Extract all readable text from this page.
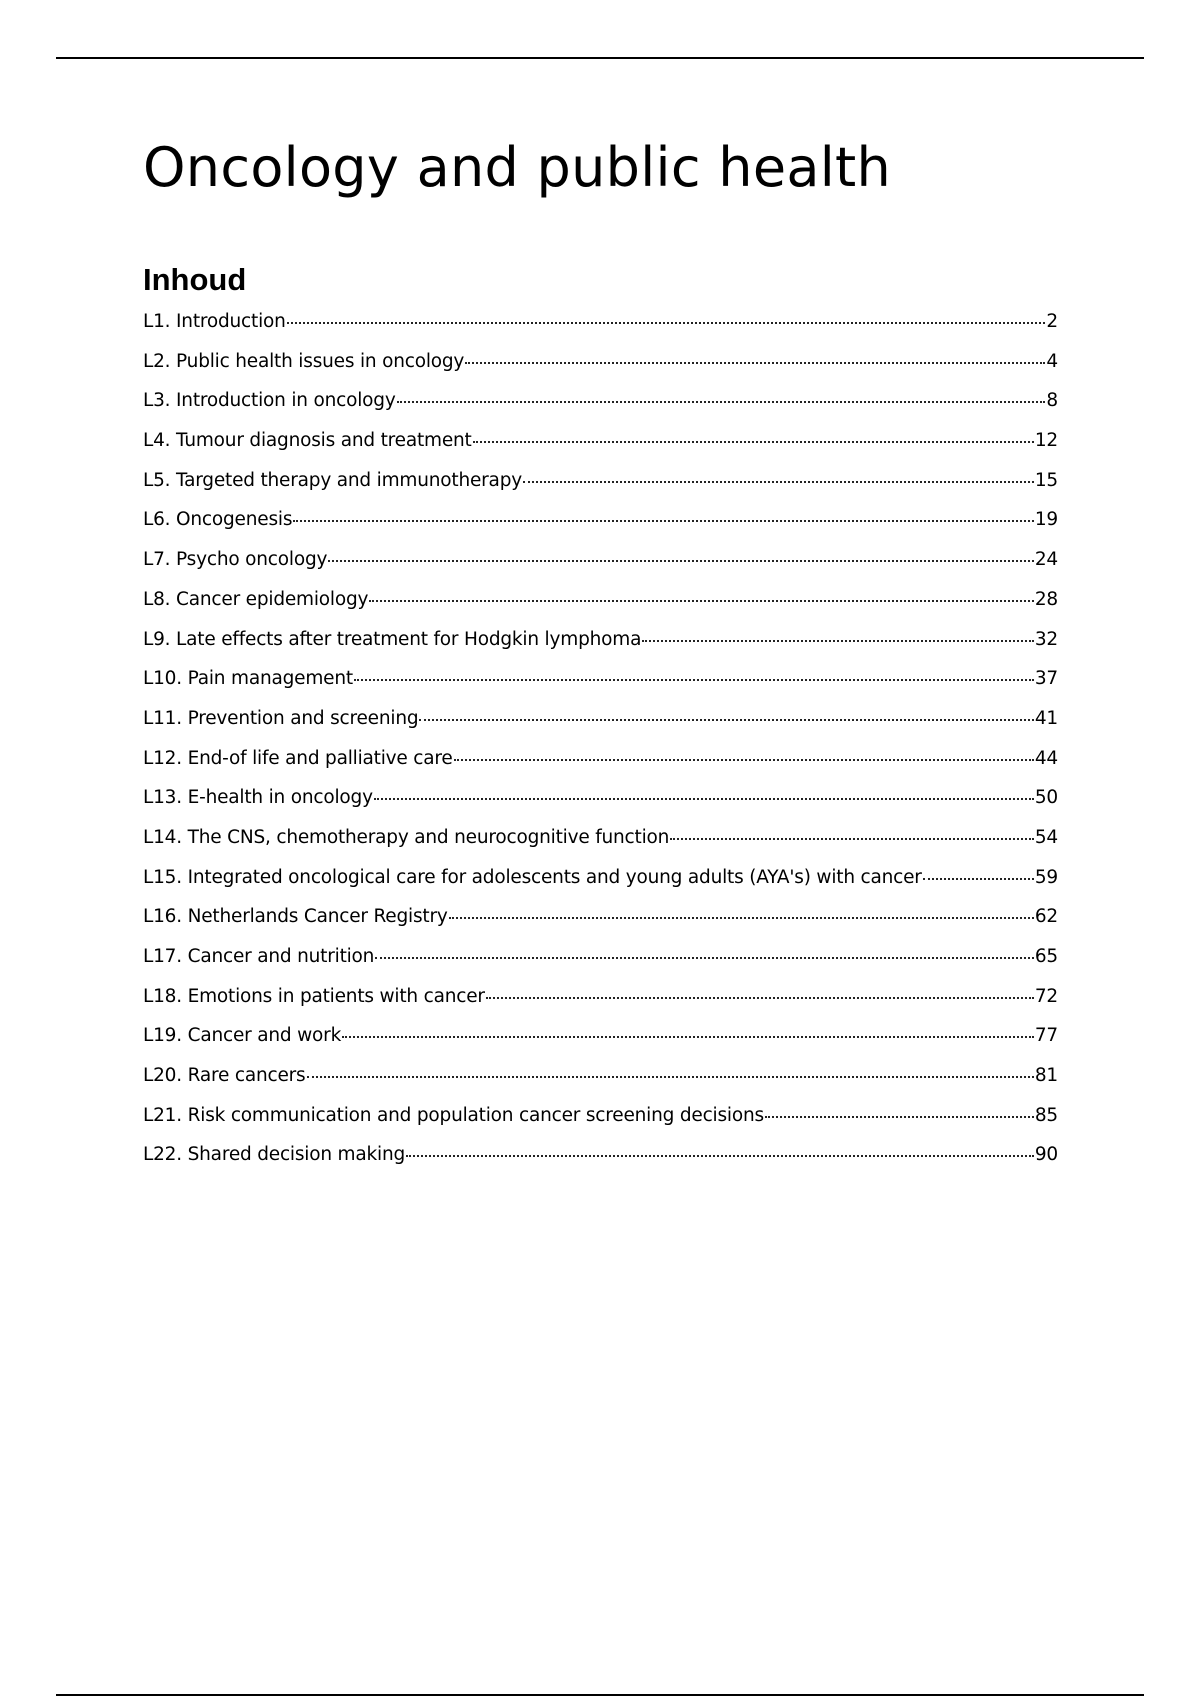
Oncology and public health
Inhoud
L1. Introduction	2
L2. Public health issues in oncology	4
L3. Introduction in oncology	8
L4. Tumour diagnosis and treatment	12
L5. Targeted therapy and immunotherapy	15
L6. Oncogenesis	19
L7. Psycho oncology	24
L8. Cancer epidemiology	28
L9. Late effects after treatment for Hodgkin lymphoma	32
L10. Pain management	37
L11. Prevention and screening	41
L12. End-of life and palliative care	44
L13. E-health in oncology	50
L14. The CNS, chemotherapy and neurocognitive function	54
L15. Integrated oncological care for adolescents and young adults (AYA's) with cancer	59
L16. Netherlands Cancer Registry	62
L17. Cancer and nutrition	65
L18. Emotions in patients with cancer	72
L19. Cancer and work	77
L20. Rare cancers	81
L21. Risk communication and population cancer screening decisions	85
L22. Shared decision making	90
